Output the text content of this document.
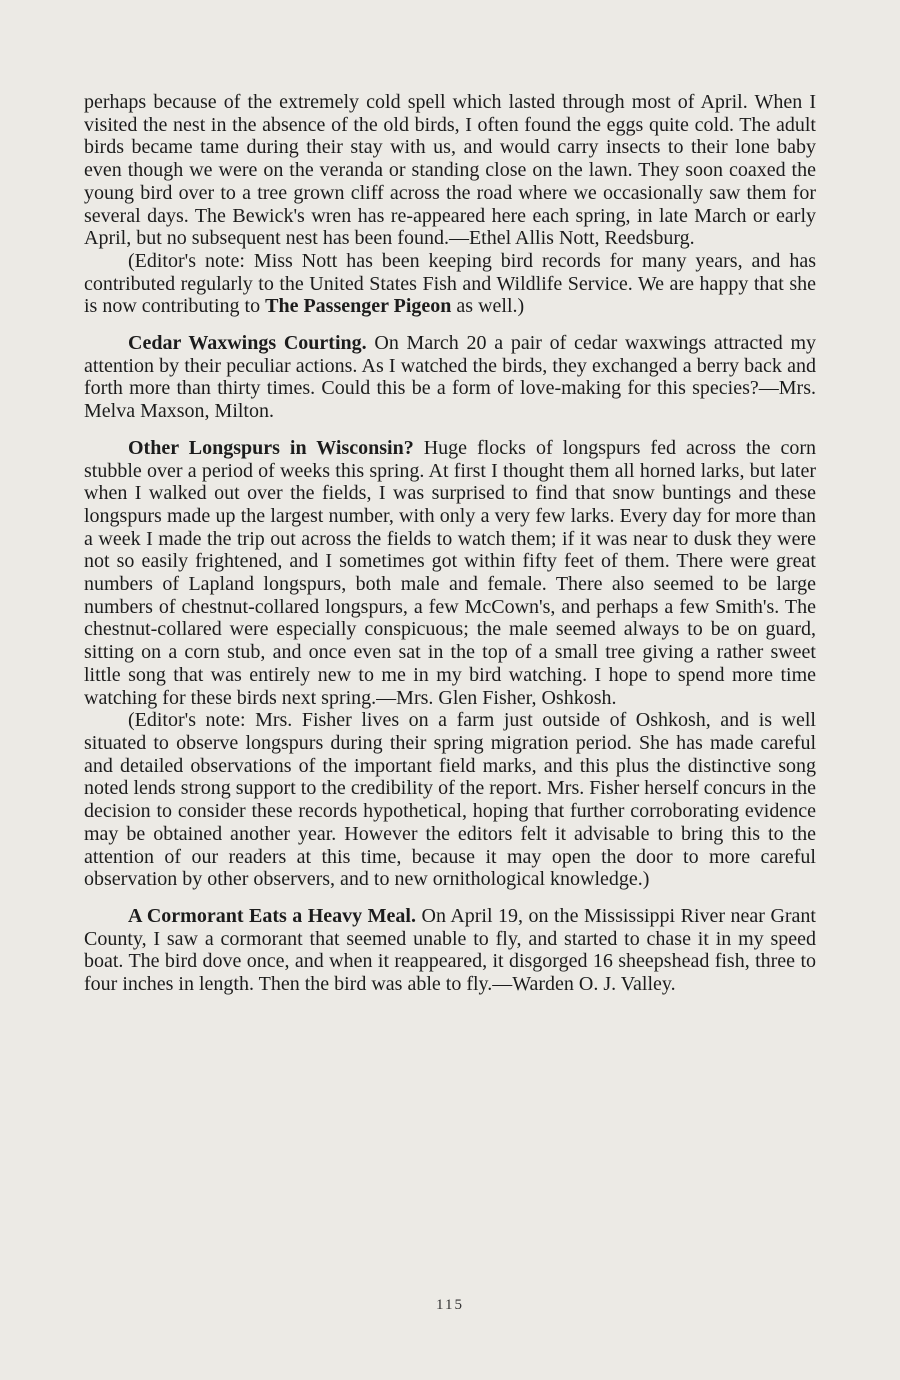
perhaps because of the extremely cold spell which lasted through most of April. When I visited the nest in the absence of the old birds, I often found the eggs quite cold. The adult birds became tame during their stay with us, and would carry insects to their lone baby even though we were on the veranda or standing close on the lawn. They soon coaxed the young bird over to a tree grown cliff across the road where we occasionally saw them for several days. The Bewick's wren has re-appeared here each spring, in late March or early April, but no subsequent nest has been found.—Ethel Allis Nott, Reedsburg.

(Editor's note: Miss Nott has been keeping bird records for many years, and has contributed regularly to the United States Fish and Wildlife Service. We are happy that she is now contributing to The Passenger Pigeon as well.)

Cedar Waxwings Courting. On March 20 a pair of cedar waxwings attracted my attention by their peculiar actions. As I watched the birds, they exchanged a berry back and forth more than thirty times. Could this be a form of love-making for this species?—Mrs. Melva Maxson, Milton.

Other Longspurs in Wisconsin? Huge flocks of longspurs fed across the corn stubble over a period of weeks this spring. At first I thought them all horned larks, but later when I walked out over the fields, I was surprised to find that snow buntings and these longspurs made up the largest number, with only a very few larks. Every day for more than a week I made the trip out across the fields to watch them; if it was near to dusk they were not so easily frightened, and I sometimes got within fifty feet of them. There were great numbers of Lapland longspurs, both male and female. There also seemed to be large numbers of chestnut-collared longspurs, a few McCown's, and perhaps a few Smith's. The chestnut-collared were especially conspicuous; the male seemed always to be on guard, sitting on a corn stub, and once even sat in the top of a small tree giving a rather sweet little song that was entirely new to me in my bird watching. I hope to spend more time watching for these birds next spring.—Mrs. Glen Fisher, Oshkosh.

(Editor's note: Mrs. Fisher lives on a farm just outside of Oshkosh, and is well situated to observe longspurs during their spring migration period. She has made careful and detailed observations of the important field marks, and this plus the distinctive song noted lends strong support to the credibility of the report. Mrs. Fisher herself concurs in the decision to consider these records hypothetical, hoping that further corroborating evidence may be obtained another year. However the editors felt it advisable to bring this to the attention of our readers at this time, because it may open the door to more careful observation by other observers, and to new ornithological knowledge.)

A Cormorant Eats a Heavy Meal. On April 19, on the Mississippi River near Grant County, I saw a cormorant that seemed unable to fly, and started to chase it in my speed boat. The bird dove once, and when it reappeared, it disgorged 16 sheepshead fish, three to four inches in length. Then the bird was able to fly.—Warden O. J. Valley.

115
